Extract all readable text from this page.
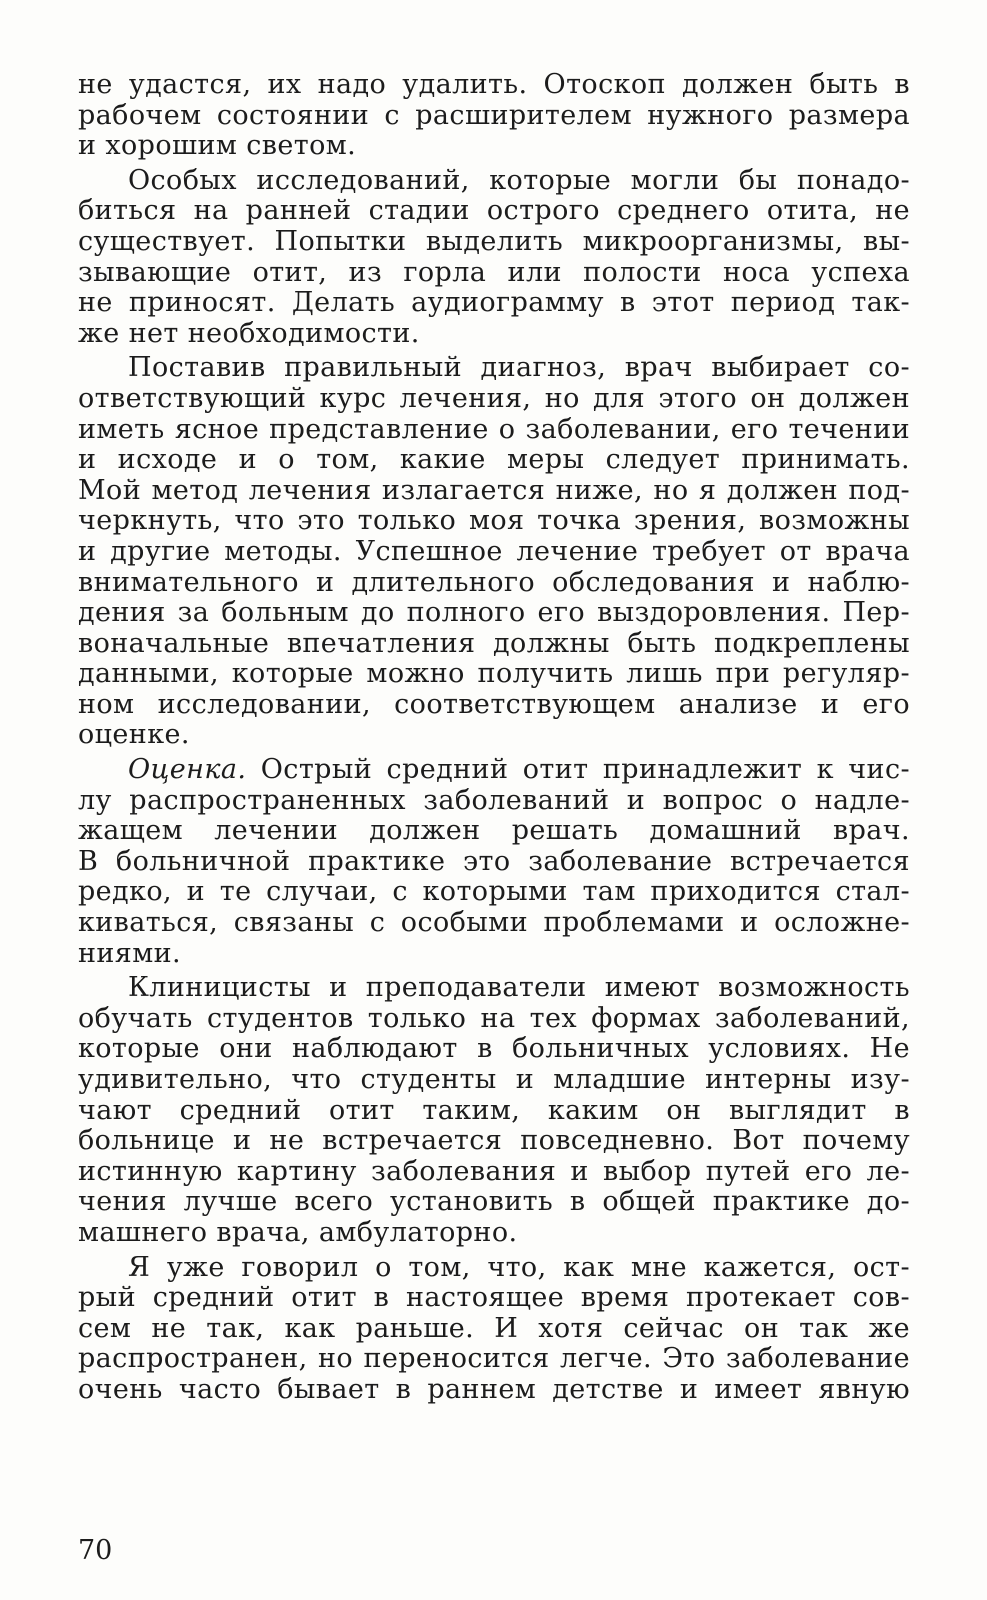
не удастся, их надо удалить. Отоскоп должен быть в
рабочем состоянии с расширителем нужного размера
и хорошим светом.
Особых исследований, которые могли бы понадо-
биться на ранней стадии острого среднего отита, не
существует. Попытки выделить микроорганизмы, вы-
зывающие отит, из горла или полости носа успеха
не приносят. Делать аудиограмму в этот период так-
же нет необходимости.
Поставив правильный диагноз, врач выбирает со-
ответствующий курс лечения, но для этого он должен
иметь ясное представление о заболевании, его течении
и исходе и о том, какие меры следует принимать.
Мой метод лечения излагается ниже, но я должен под-
черкнуть, что это только моя точка зрения, возможны
и другие методы. Успешное лечение требует от врача
внимательного и длительного обследования и наблю-
дения за больным до полного его выздоровления. Пер-
воначальные впечатления должны быть подкреплены
данными, которые можно получить лишь при регуляр-
ном исследовании, соответствующем анализе и его
оценке.
Оценка. Острый средний отит принадлежит к чис-
лу распространенных заболеваний и вопрос о надле-
жащем лечении должен решать домашний врач.
В больничной практике это заболевание встречается
редко, и те случаи, с которыми там приходится стал-
киваться, связаны с особыми проблемами и осложне-
ниями.
Клиницисты и преподаватели имеют возможность
обучать студентов только на тех формах заболеваний,
которые они наблюдают в больничных условиях. Не
удивительно, что студенты и младшие интерны изу-
чают средний отит таким, каким он выглядит в
больнице и не встречается повседневно. Вот почему
истинную картину заболевания и выбор путей его ле-
чения лучше всего установить в общей практике до-
машнего врача, амбулаторно.
Я уже говорил о том, что, как мне кажется, ост-
рый средний отит в настоящее время протекает сов-
сем не так, как раньше. И хотя сейчас он так же
распространен, но переносится легче. Это заболевание
очень часто бывает в раннем детстве и имеет явную
70
